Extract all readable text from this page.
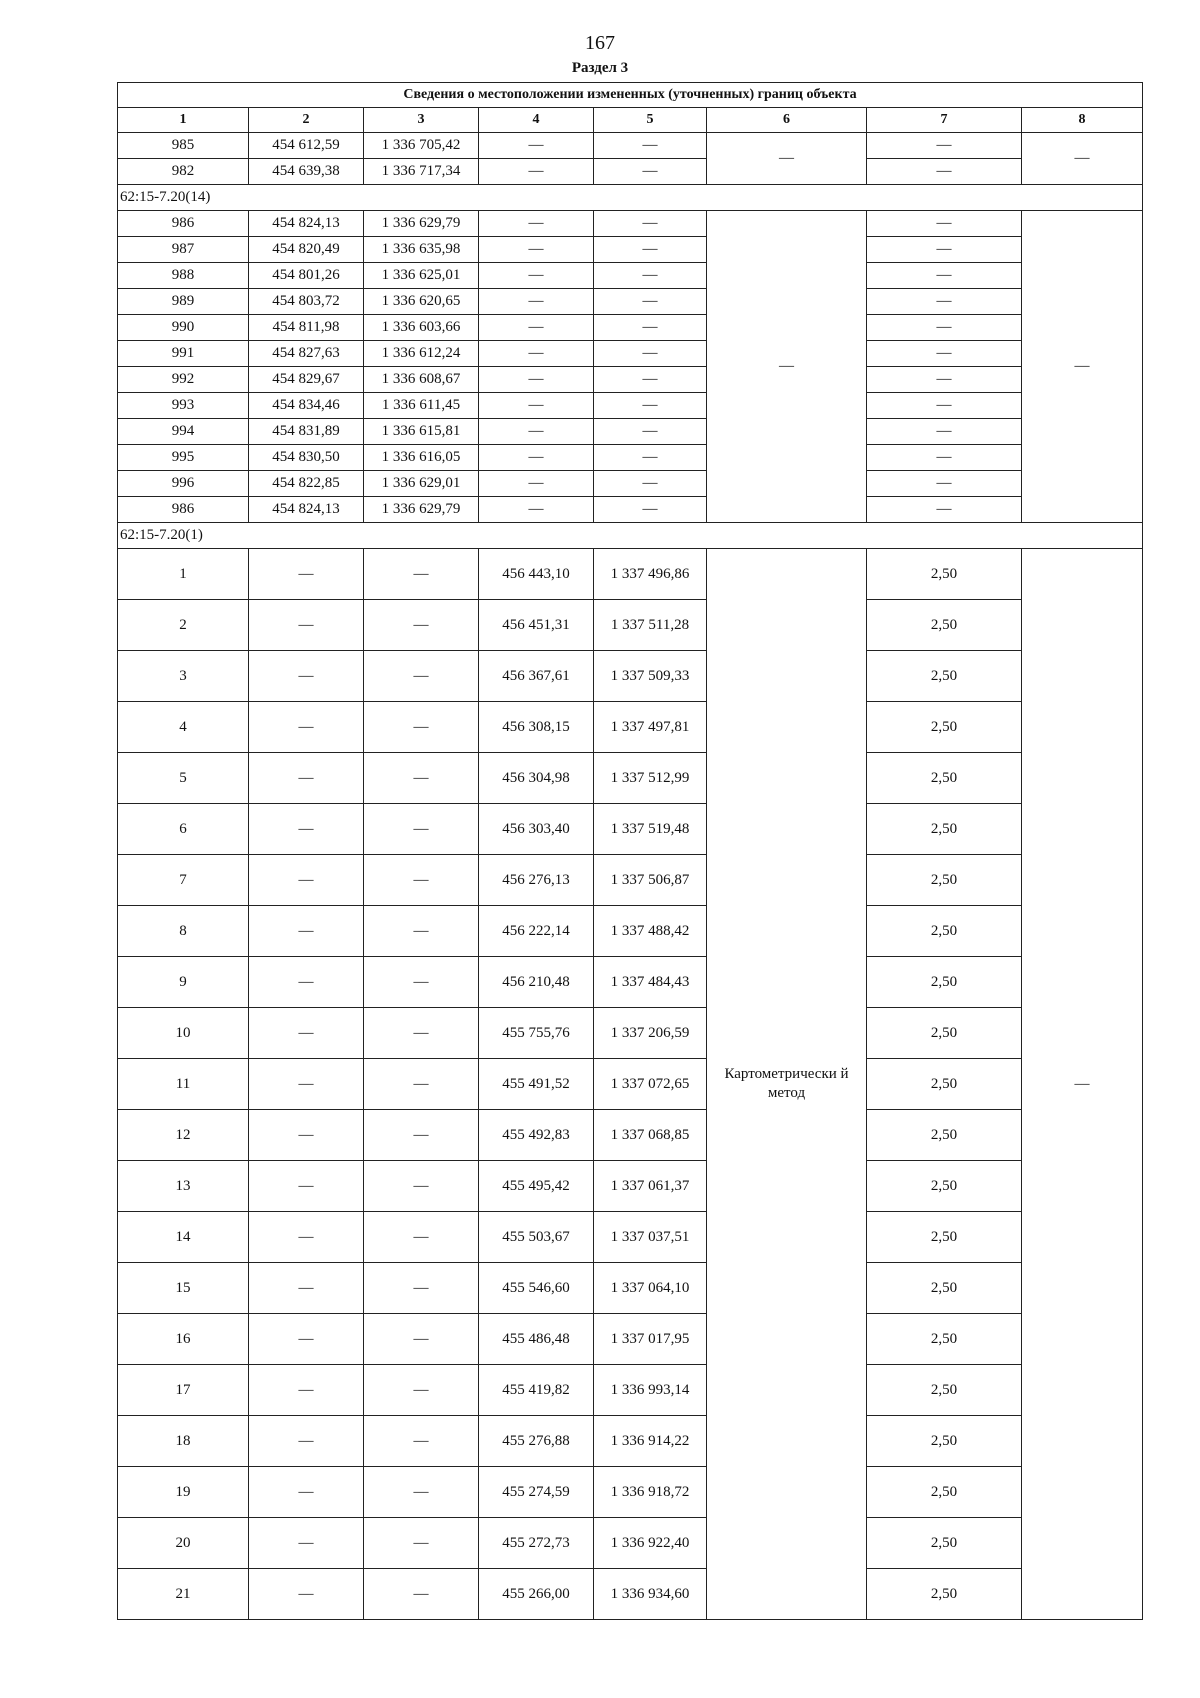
167
Раздел 3
Сведения о местоположении измененных (уточненных) границ объекта							
1	2	3	4	5	6	7	8
985	454 612,59	1 336 705,42	—	—	—	—	—
982	454 639,38	1 336 717,34	—	—		—	
62:15-7.20(14)							
986	454 824,13	1 336 629,79	—	—	—	—	—
987	454 820,49	1 336 635,98	—	—		—	
988	454 801,26	1 336 625,01	—	—		—	
989	454 803,72	1 336 620,65	—	—		—	
990	454 811,98	1 336 603,66	—	—		—	
991	454 827,63	1 336 612,24	—	—		—	
992	454 829,67	1 336 608,67	—	—		—	
993	454 834,46	1 336 611,45	—	—		—	
994	454 831,89	1 336 615,81	—	—		—	
995	454 830,50	1 336 616,05	—	—		—	
996	454 822,85	1 336 629,01	—	—		—	
986	454 824,13	1 336 629,79	—	—		—	
62:15-7.20(1)							
1	—	—	456 443,10	1 337 496,86	Картометрически й метод	2,50	—
2	—	—	456 451,31	1 337 511,28		2,50	
3	—	—	456 367,61	1 337 509,33		2,50	
4	—	—	456 308,15	1 337 497,81		2,50	
5	—	—	456 304,98	1 337 512,99		2,50	
6	—	—	456 303,40	1 337 519,48		2,50	
7	—	—	456 276,13	1 337 506,87		2,50	
8	—	—	456 222,14	1 337 488,42		2,50	
9	—	—	456 210,48	1 337 484,43		2,50	
10	—	—	455 755,76	1 337 206,59		2,50	
11	—	—	455 491,52	1 337 072,65		2,50	
12	—	—	455 492,83	1 337 068,85		2,50	
13	—	—	455 495,42	1 337 061,37		2,50	
14	—	—	455 503,67	1 337 037,51		2,50	
15	—	—	455 546,60	1 337 064,10		2,50	
16	—	—	455 486,48	1 337 017,95		2,50	
17	—	—	455 419,82	1 336 993,14		2,50	
18	—	—	455 276,88	1 336 914,22		2,50	
19	—	—	455 274,59	1 336 918,72		2,50	
20	—	—	455 272,73	1 336 922,40		2,50	
21	—	—	455 266,00	1 336 934,60		2,50	
